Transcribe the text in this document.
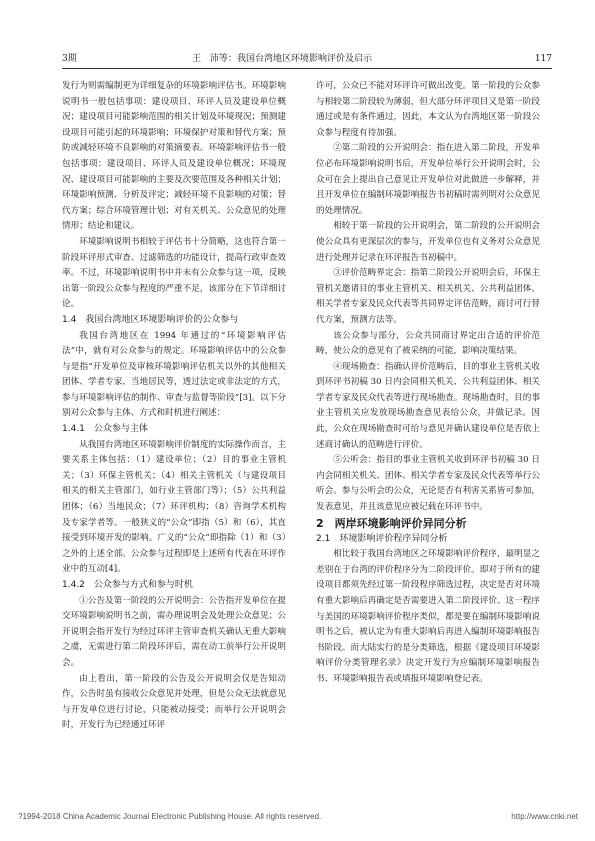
3期	王　沛等：我国台湾地区环境影响评价及启示	117

发行为则需编制更为详细复杂的环境影响评估书。环境影响说明书一般包括事项：建设项目、环评人员及建设单位概况；建设项目可能影响范围的相关计划及环境现况；预测建设项目可能引起的环境影响；环境保护对策和替代方案；预防或减轻环境不良影响的对策摘要表。环境影响评估书一般包括事项：建设项目、环评人员及建设单位概况；环境现况、建设项目可能影响的主要及次要范围及各种相关计划；环境影响预测、分析及评定；减轻环境不良影响的对策；替代方案；综合环境管理计划；对有关机关、公众意见的处理情形；结论和建议。

环境影响说明书相较于评估书十分简略，这也符合第一阶段环评形式审查、过滤筛选的功能设计，提高行政审查效率。不过，环境影响说明书中并未有公众参与这一项，反映出第一阶段公众参与程度的严重不足，该部分在下节详细讨论。

1.4　我国台湾地区环境影响评价的公众参与

我国台湾地区在 1994 年通过的“环境影响评估法”中，就有对公众参与的规定。环境影响评估中的公众参与是指“开发单位及审核环境影响评估机关以外的其他相关团体、学者专家、当地居民等，透过法定或非法定的方式，参与环境影响评估的制作、审查与监督等阶段”[3]。以下分别对公众参与主体、方式和时机进行阐述：

1.4.1　公众参与主体

从我国台湾地区环境影响评价制度的实际操作而言，主要关系主体包括：（1）建设单位；（2）目的事业主管机关；（3）环保主管机关；（4）相关主管机关（与建设项目相关的相关主管部门，如行业主管部门等）；（5）公共利益团体；（6）当地民众；（7）环评机构；（8）咨询学术机构及专家学者等。一般狭义的“公众”即指（5）和（6），其直接受到环境开发的影响。广义的“公众”即指除（1）和（3）之外的上述全部。公众参与过程即是上述所有代表在环评作业中的互动[4]。

1.4.2　公众参与方式和参与时机

①公告及第一阶段的公开说明会：公告指开发单位在提交环境影响说明书之前，需办理说明会及处理公众意见；公开说明会指开发行为经过环评主管审查机关确认无重大影响之虞，无需进行第二阶段环评后，需在动工前举行公开说明会。

由上看出，第一阶段的公告及公开说明会仅是告知动作，公告时虽有接收公众意见并处理，但是公众无法就意见与开发单位进行讨论，只能被动接受；而举行公开说明会时，开发行为已经通过环评

许可，公众已不能对环评许可做出改变。第一阶段的公众参与相较第二阶段较为薄弱，但大部分环评项目又是第一阶段通过或是有条件通过，因此，本文认为台湾地区第一阶段公众参与程度有待加强。

②第二阶段的公开说明会：指在进入第二阶段，开发单位必布环境影响说明书后，开发单位举行公开说明会时，公众可在会上提出自己意见让开发单位对此做进一步解释，并且开发单位在编制环境影响报告书初稿时需列明对公众意见的处理情况。

相较于第一阶段的公开说明会，第二阶段的公开说明会使公众具有更深层次的参与，开发单位也有义务对公众意见进行处理并记录在环评报告书初稿中。

③评价范畴界定会：指第二阶段公开说明会后，环保主管机关邀请目的事业主管机关、相关机关、公共利益团体、相关学者专家及民众代表等共同界定评估范畴，商讨可行替代方案，预测方法等。

该公众参与部分，公众共同商讨界定出合适的评价范畴，使公众的意见有了被采纳的可能，影响决策结果。

④现场勘查：指确认评价范畴后，目的事业主管机关收到环评书初稿 30 日内会同相关机关、公共利益团体、相关学者专家及民众代表等进行现场勘查。现场勘查时，目的事业主管机关应发放现场勘查意见表给公众，并做记录。因此，公众在现场勘查时可给与意见并确认建设单位是否依上述商讨确认的范畴进行评价。

⑤公听会：指目的事业主管机关收到环评书初稿 30 日内会同相关机关、团体、相关学者专家及民众代表等举行公听会。参与公听会的公众，无论是否有利害关系皆可参加，发表意见，并且该意见应被记载在环评书中。

2　两岸环境影响评价异同分析

2.1　环境影响评价程序异同分析

相比较于我国台湾地区之环境影响评价程序，最明显之差别在于台湾的评价程序分为二阶段评价。即对于所有的建设项目都须先经过第一阶段程序筛选过程，决定是否对环境有重大影响后再确定是否需要进入第二阶段评价。这一程序与美国的环境影响评价程序类似，都是要在编制环境影响说明书之后，被认定为有重大影响后再进入编制环境影响报告书阶段。而大陆实行的是分类筛选，根据《建设项目环境影响评价分类管理名录》决定开发行为应编制环境影响报告书、环境影响报告表或填报环境影响登记表。

?1994-2018 China Academic Journal Electronic Publishing House. All rights reserved.	http://www.cnki.net
